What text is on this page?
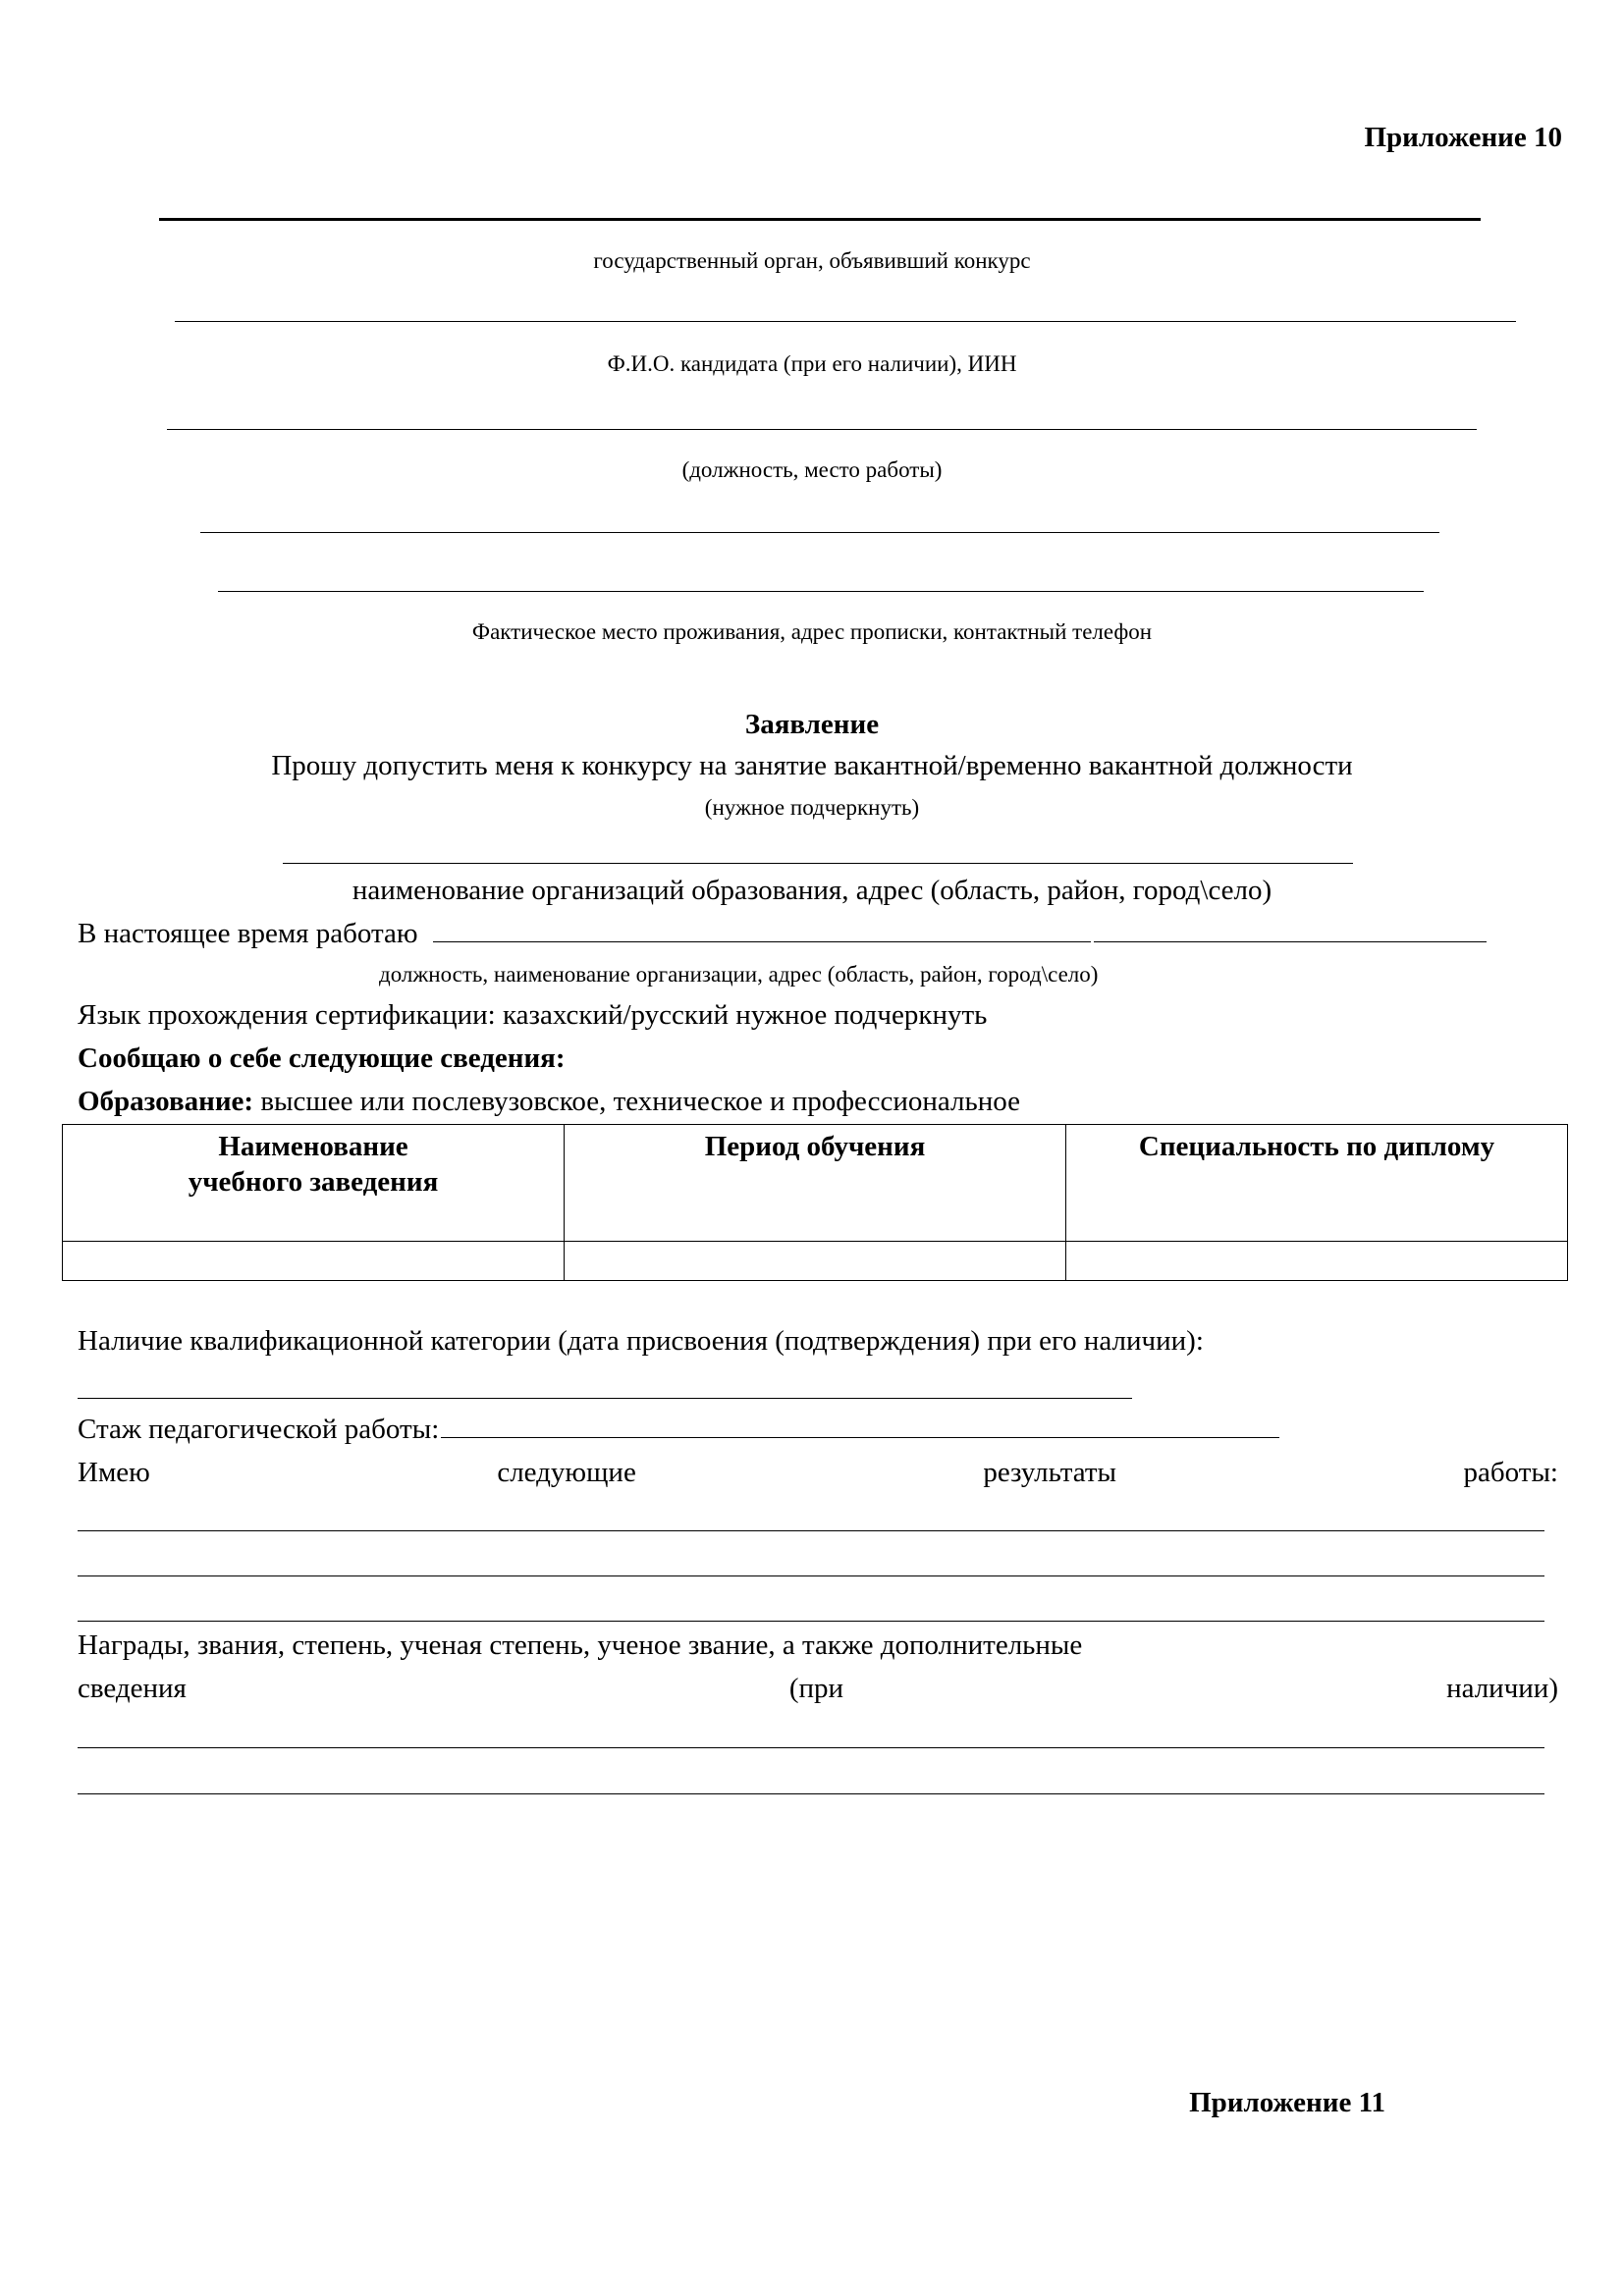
Приложение 10
государственный орган, объявивший конкурс
Ф.И.О. кандидата (при его наличии), ИИН
(должность, место работы)
Фактическое место проживания, адрес прописки, контактный телефон
Заявление
Прошу допустить меня к конкурсу на занятие вакантной/временно вакантной должности
(нужное подчеркнуть)
наименование организаций образования, адрес (область, район, город\село)
В настоящее время работаю
должность, наименование организации, адрес (область, район, город\село)
Язык прохождения сертификации: казахский/русский нужное подчеркнуть
Сообщаю о себе следующие сведения:
Образование: высшее или послевузовское, техническое и профессиональное
Наименование учебного заведения	Период обучения	Специальность по диплому

Наличие квалификационной категории (дата присвоения (подтверждения) при его наличии):
Стаж педагогической работы:
Имею	следующие	результаты	работы:
Награды, звания, степень, ученая степень, ученое звание, а также дополнительные
сведения	(при	наличии)
Приложение 11
